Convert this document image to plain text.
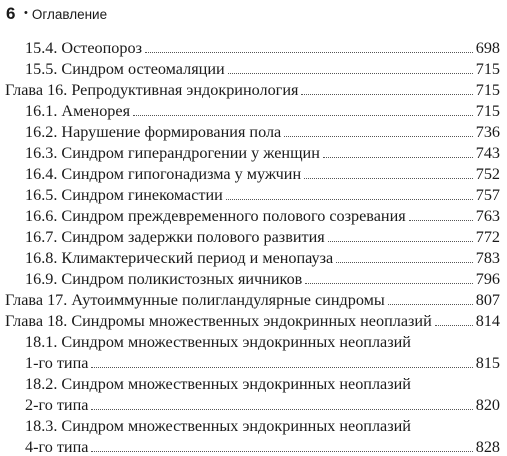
6 • Оглавление
15.4. Остеопороз	698
15.5. Синдром остеомаляции	715
Глава 16. Репродуктивная эндокринология	715
16.1. Аменорея	715
16.2. Нарушение формирования пола	736
16.3. Синдром гиперандрогении у женщин	743
16.4. Синдром гипогонадизма у мужчин	752
16.5. Синдром гинекомастии	757
16.6. Синдром преждевременного полового созревания	763
16.7. Синдром задержки полового развития	772
16.8. Климактерический период и менопауза	783
16.9. Синдром поликистозных яичников	796
Глава 17. Аутоиммунные полигландулярные синдромы	807
Глава 18. Синдромы множественных эндокринных неоплазий	814
18.1. Синдром множественных эндокринных неоплазий
1-го типа	815
18.2. Синдром множественных эндокринных неоплазий
2-го типа	820
18.3. Синдром множественных эндокринных неоплазий
4-го типа	828
